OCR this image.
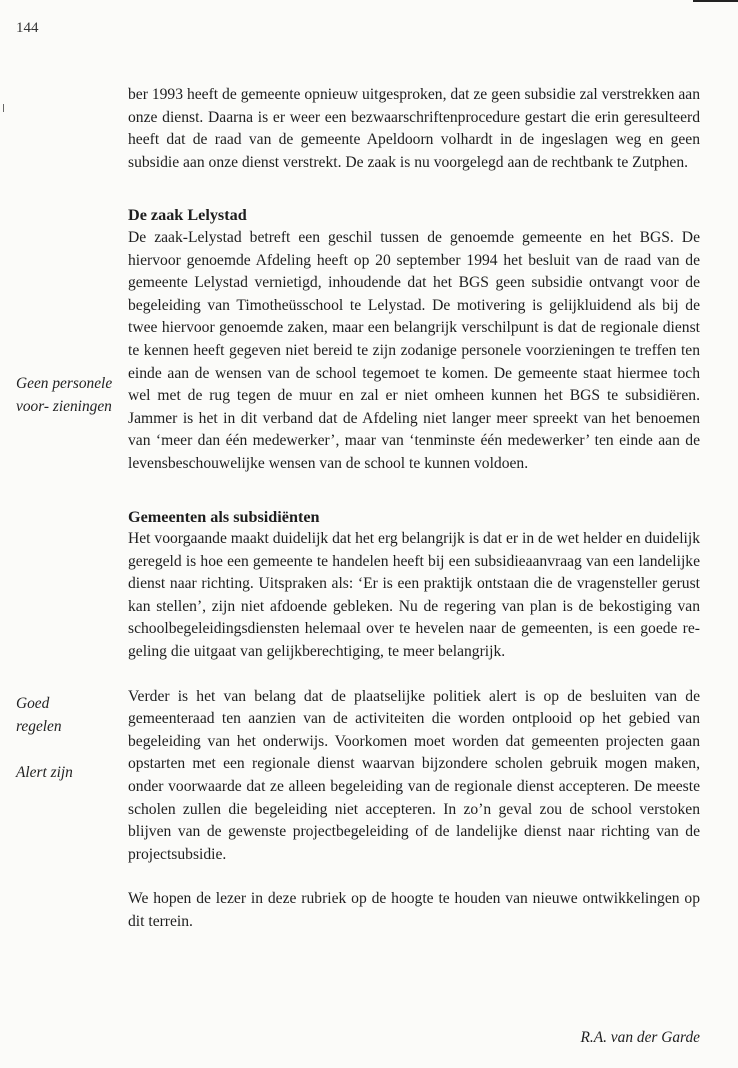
144
Geen personele voor- zieningen
Goed regelen
Alert zijn

ber 1993 heeft de gemeente opnieuw uitgesproken, dat ze geen subsidie zal verstrekken aan onze dienst. Daarna is er weer een bezwaarschriftenprocedure gestart die erin geresulteerd heeft dat de raad van de gemeente Apeldoorn volhardt in de ingeslagen weg en geen subsidie aan onze dienst verstrekt. De zaak is nu voorgelegd aan de rechtbank te Zutphen.

De zaak Lelystad

De zaak-Lelystad betreft een geschil tussen de genoemde gemeente en het BGS. De hiervoor genoemde Afdeling heeft op 20 september 1994 het besluit van de raad van de gemeente Lelystad vernietigd, inhoudende dat het BGS geen subsidie ontvangt voor de begeleiding van Timotheüsschool te Lelystad. De motivering is gelijkluidend als bij de twee hiervoor genoemde zaken, maar een belangrijk verschilpunt is dat de regionale dienst te kennen heeft gegeven niet bereid te zijn zodanige personele voorzieningen te treffen ten einde aan de wensen van de school tegemoet te komen. De gemeente staat hiermee toch wel met de rug tegen de muur en zal er niet omheen kunnen het BGS te subsidiëren. Jammer is het in dit verband dat de Afdeling niet langer meer spreekt van het benoemen van ‘meer dan één medewerker’, maar van ‘tenminste één medewerker’ ten einde aan de levensbeschouwelijke wensen van de school te kunnen voldoen.

Gemeenten als subsidiënten

Het voorgaande maakt duidelijk dat het erg belangrijk is dat er in de wet helder en duidelijk geregeld is hoe een gemeente te handelen heeft bij een subsidieaanvraag van een landelijke dienst naar richting. Uitspraken als: ‘Er is een praktijk ontstaan die de vragensteller gerust kan stellen’, zijn niet afdoende gebleken. Nu de regering van plan is de bekostiging van schoolbegeleidingsdiensten helemaal over te hevelen naar de gemeenten, is een goede regeling die uitgaat van gelijkberechtiging, te meer belangrijk.

Verder is het van belang dat de plaatselijke politiek alert is op de besluiten van de gemeenteraad ten aanzien van de activiteiten die worden ontplooid op het gebied van begeleiding van het onderwijs. Voorkomen moet worden dat gemeenten projecten gaan opstarten met een regionale dienst waarvan bijzondere scholen gebruik mogen maken, onder voorwaarde dat ze alleen begeleiding van de regionale dienst accepteren. De meeste scholen zullen die begeleiding niet accepteren. In zo’n geval zou de school verstoken blijven van de gewenste projectbegeleiding of de landelijke dienst naar richting van de projectsubsidie.

We hopen de lezer in deze rubriek op de hoogte te houden van nieuwe ontwikkelingen op dit terrein.

R.A. van der Garde
